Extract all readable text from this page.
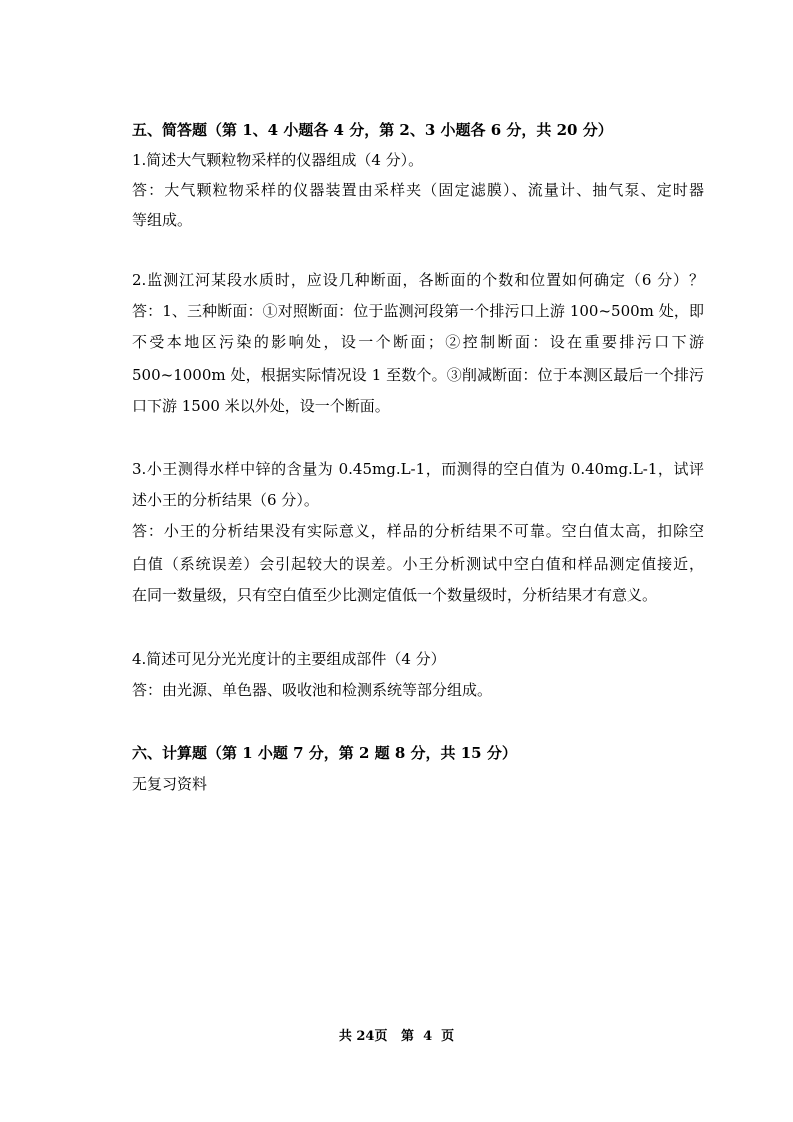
五、简答题（第 1、4 小题各 4 分，第 2、3 小题各 6 分，共 20 分）
1.简述大气颗粒物采样的仪器组成（4 分）。
答：大气颗粒物采样的仪器装置由采样夹（固定滤膜）、流量计、抽气泵、定时器
等组成。
2.监测江河某段水质时，应设几种断面，各断面的个数和位置如何确定（6 分）？
答：1、三种断面：①对照断面：位于监测河段第一个排污口上游 100~500m 处，即
不受本地区污染的影响处，设一个断面；②控制断面：设在重要排污口下游
500~1000m 处，根据实际情况设 1 至数个。③削减断面：位于本测区最后一个排污
口下游 1500 米以外处，设一个断面。
3.小王测得水样中锌的含量为 0.45mg.L-1，而测得的空白值为 0.40mg.L-1，试评
述小王的分析结果（6 分）。
答：小王的分析结果没有实际意义，样品的分析结果不可靠。空白值太高，扣除空
白值（系统误差）会引起较大的误差。小王分析测试中空白值和样品测定值接近，
在同一数量级，只有空白值至少比测定值低一个数量级时，分析结果才有意义。
4.简述可见分光光度计的主要组成部件（4 分）
答：由光源、单色器、吸收池和检测系统等部分组成。
六、计算题（第 1 小题 7 分，第 2 题 8 分，共 15 分）
无复习资料
共 24页   第  4  页
